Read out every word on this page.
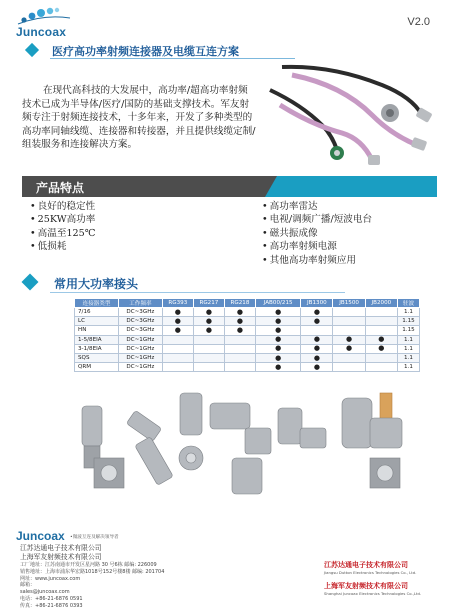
Juncoax
V2.0
医疗高功率射频连接器及电缆互连方案

在现代高科技的大发展中，高功率/超高功率射频技术已成为半导体/医疗/国防的基础支撑技术。军友射频专注于射频连接技术，十多年来，开发了多种类型的高功率同轴线缆、连接器和转接器，并且提供线缆定制/组装服务和连接解决方案。

产品特点
• 良好的稳定性
• 25KW高功率
• 高温至125℃
• 低损耗
• 高功率雷达
• 电视/调频广播/短波电台
• 磁共振成像
• 高功率射频电源
• 其他高功率射频应用
常用大功率接头
连接器类型	工作频率	RG393	RG217	RG218	JAB00/215	JB1300	JB1500	JB2000	驻波
7/16	DC~3GHz	●	●	●	●	●			1.1
LC	DC~3GHz	●	●	●	●	●			1.15
HN	DC~3GHz	●	●	●	●				1.15
1-5/8EIA	DC~1GHz				●	●	●	●	1.1
3-1/8EIA	DC~1GHz				●	●	●	●	1.1
SQS	DC~1GHz				●	●			1.1
QRM	DC~1GHz				●	●			1.1
Juncoax •微波互连及解决领导者
江苏达通电子技术有限公司
上海军友射频技术有限公司
工厂地址：江苏南通市开发区星河路 30 号6栋 邮编: 226009
销售地址：上海市浦东华宏路1018号152号楼8楼 邮编: 201704
网址：www.juncoax.com
邮箱：
sales@juncoax.com
电话：+86-21-6876 0591
传真：+86-21-6876 0393
江苏达通电子技术有限公司
Jiangsu Dutton Electronics Technologies Co., Ltd.
上海军友射频技术有限公司
Shanghai Juncoax Electronics Technologies Co.,Ltd.
